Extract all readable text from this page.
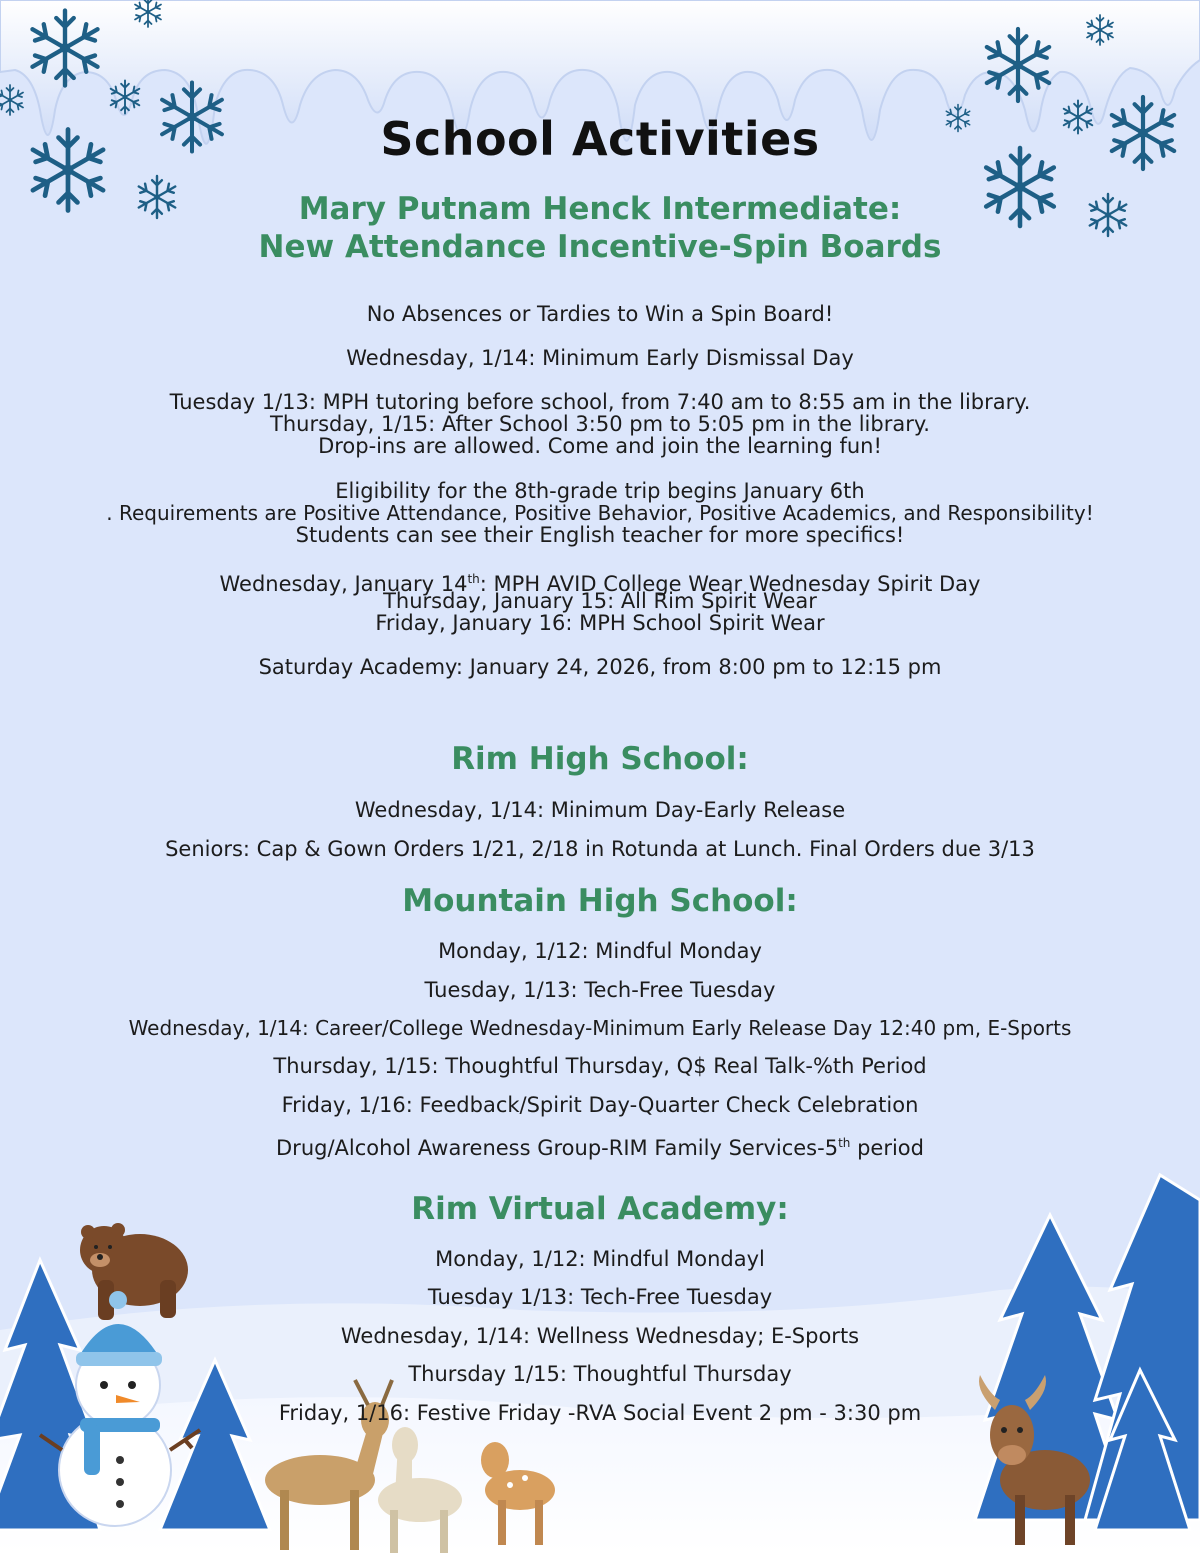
School Activities
Mary Putnam Henck Intermediate:
New Attendance Incentive-Spin Boards
No Absences or Tardies to Win a Spin Board!
Wednesday, 1/14: Minimum Early Dismissal Day
Tuesday 1/13: MPH tutoring before school, from 7:40 am to 8:55 am in the library.
Thursday, 1/15: After School 3:50 pm to 5:05 pm in the library.
Drop-ins are allowed. Come and join the learning fun!
Eligibility for the 8th-grade trip begins January 6th
. Requirements are Positive Attendance, Positive Behavior, Positive Academics, and Responsibility!
Students can see their English teacher for more specifics!
Wednesday, January 14th: MPH AVID College Wear Wednesday Spirit Day
Thursday, January 15: All Rim Spirit Wear
Friday, January 16: MPH School Spirit Wear
Saturday Academy: January 24, 2026, from 8:00 pm to 12:15 pm
Rim High School:
Wednesday, 1/14: Minimum Day-Early Release
Seniors: Cap & Gown Orders 1/21, 2/18 in Rotunda at Lunch. Final Orders due 3/13
Mountain High School:
Monday, 1/12: Mindful Monday
Tuesday, 1/13: Tech-Free Tuesday
Wednesday, 1/14: Career/College Wednesday-Minimum Early Release Day 12:40 pm, E-Sports
Thursday, 1/15: Thoughtful Thursday, Q$ Real Talk-%th Period
Friday, 1/16: Feedback/Spirit Day-Quarter Check Celebration
Drug/Alcohol Awareness Group-RIM Family Services-5th period
Rim Virtual Academy:
Monday, 1/12: Mindful Mondayl
Tuesday 1/13: Tech-Free Tuesday
Wednesday, 1/14: Wellness Wednesday; E-Sports
Thursday 1/15: Thoughtful Thursday
Friday, 1/16: Festive Friday -RVA Social Event 2 pm - 3:30 pm
